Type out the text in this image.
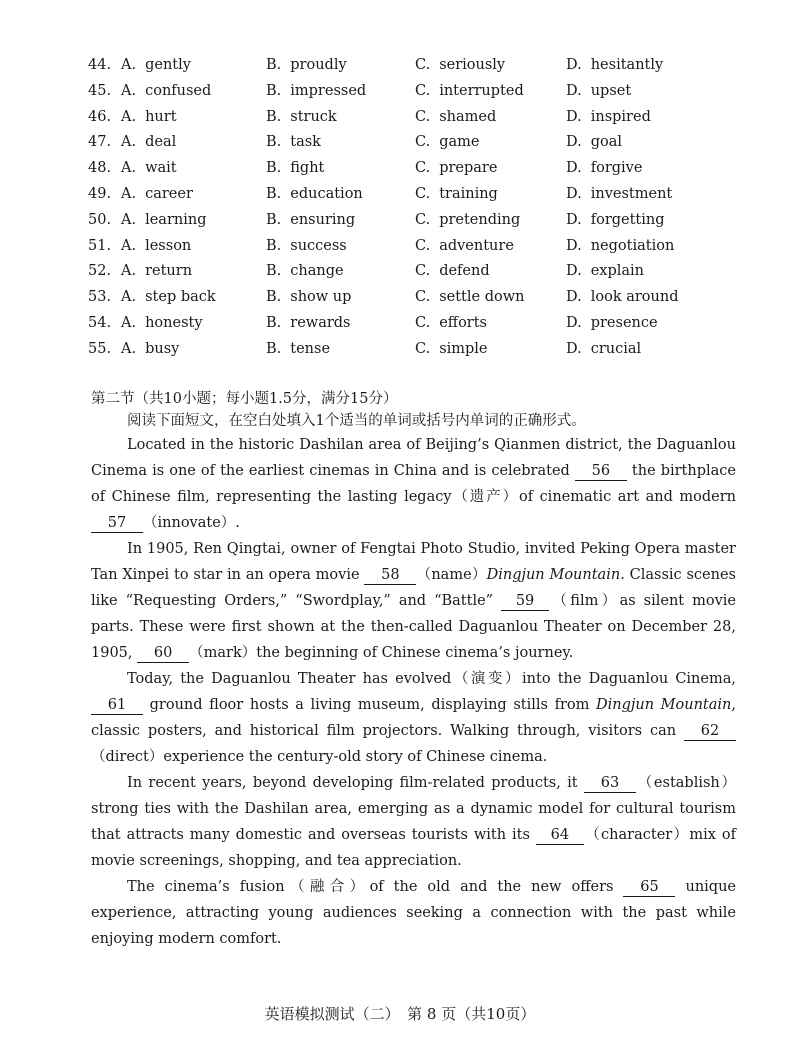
44. A. gently	B. proudly	C. seriously	D. hesitantly
45. A. confused	B. impressed	C. interrupted	D. upset
46. A. hurt	B. struck	C. shamed	D. inspired
47. A. deal	B. task	C. game	D. goal
48. A. wait	B. fight	C. prepare	D. forgive
49. A. career	B. education	C. training	D. investment
50. A. learning	B. ensuring	C. pretending	D. forgetting
51. A. lesson	B. success	C. adventure	D. negotiation
52. A. return	B. change	C. defend	D. explain
53. A. step back	B. show up	C. settle down	D. look around
54. A. honesty	B. rewards	C. efforts	D. presence
55. A. busy	B. tense	C. simple	D. crucial

第二节（共10小题；每小题1.5分，满分15分）

阅读下面短文，在空白处填入1个适当的单词或括号内单词的正确形式。

Located in the historic Dashilan area of Beijing’s Qianmen district, the Daguanlou Cinema is one of the earliest cinemas in China and is celebrated 56 the birthplace of Chinese film, representing the lasting legacy（遗产）of cinematic art and modern 57 （innovate）.

In 1905, Ren Qingtai, owner of Fengtai Photo Studio, invited Peking Opera master Tan Xinpei to star in an opera movie 58 （name）Dingjun Mountain. Classic scenes like “Requesting Orders,” “Swordplay,” and “Battle” 59 （film）as silent movie parts. These were first shown at the then-called Daguanlou Theater on December 28, 1905, 60 （mark）the beginning of Chinese cinema’s journey.

Today, the Daguanlou Theater has evolved（演变）into the Daguanlou Cinema, 61 ground floor hosts a living museum, displaying stills from Dingjun Mountain, classic posters, and historical film projectors. Walking through, visitors can 62（direct）experience the century-old story of Chinese cinema.

In recent years, beyond developing film-related products, it 63 （establish）strong ties with the Dashilan area, emerging as a dynamic model for cultural tourism that attracts many domestic and overseas tourists with its 64 （character）mix of movie screenings, shopping, and tea appreciation.

The cinema’s fusion（融合）of the old and the new offers 65 unique experience, attracting young audiences seeking a connection with the past while enjoying modern comfort.

英语模拟测试（二）　第 8 页（共10页）
